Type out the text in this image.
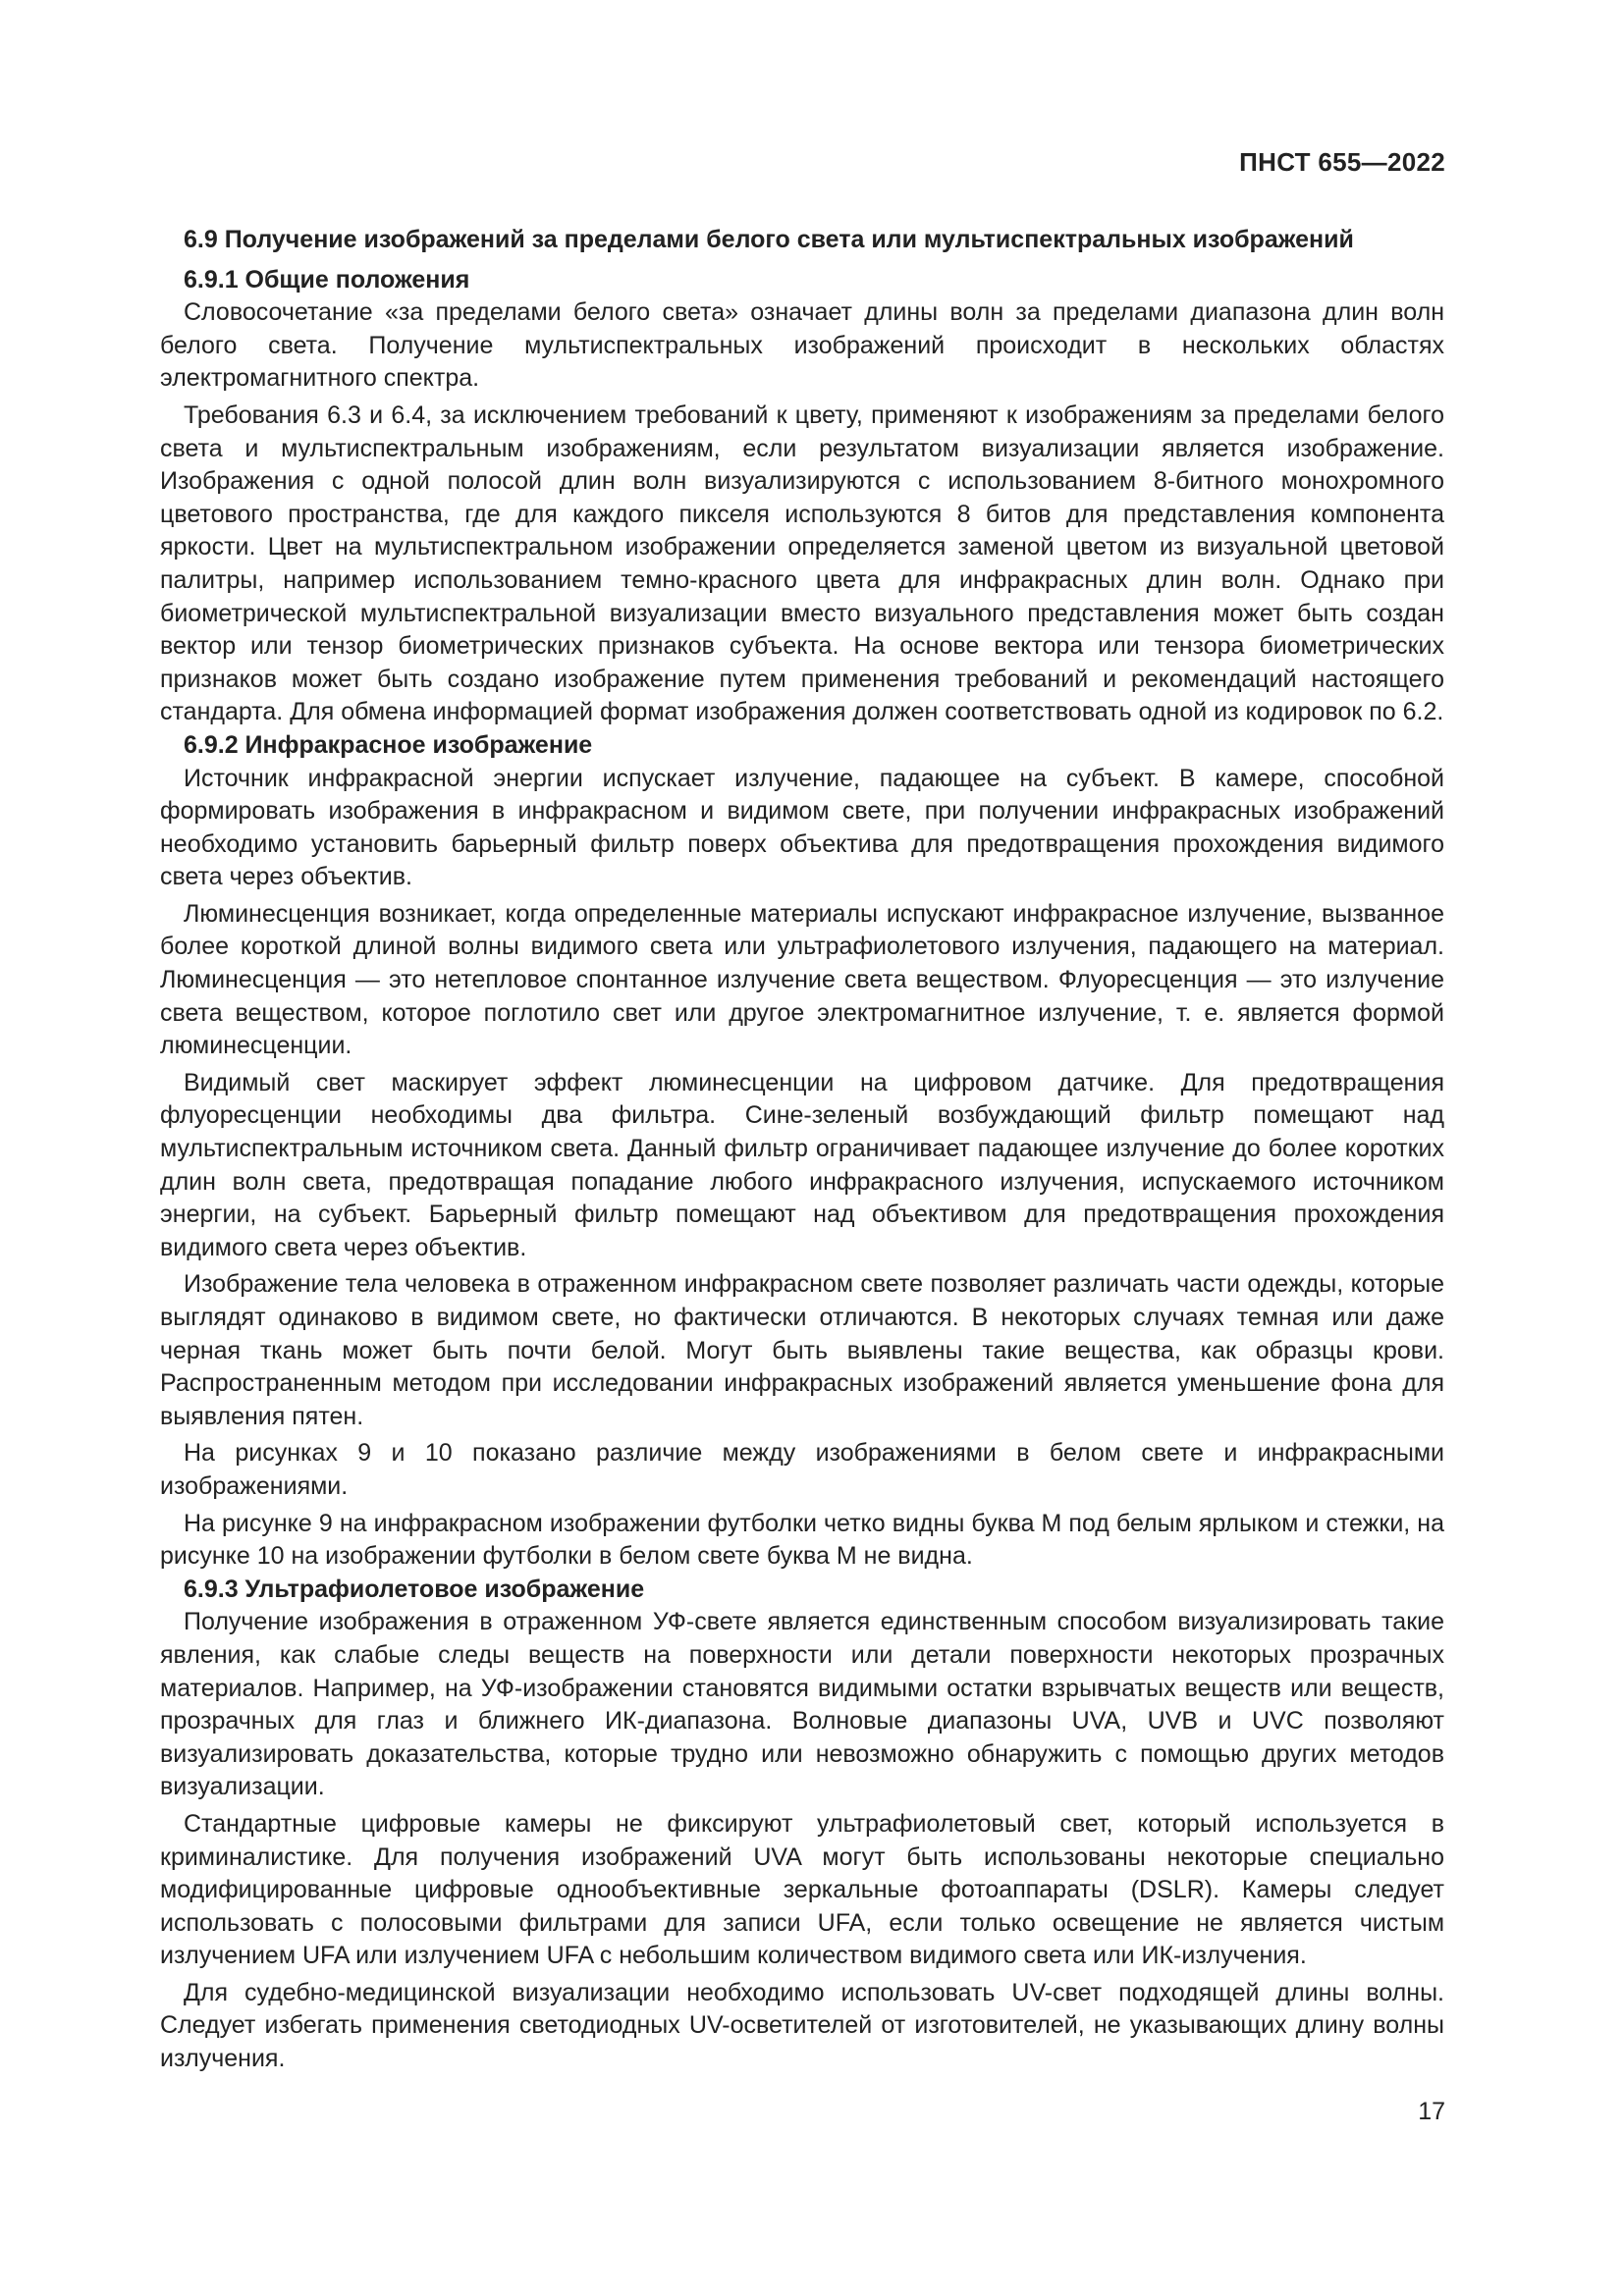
ПНСТ 655—2022
6.9 Получение изображений за пределами белого света или мультиспектральных изображений
6.9.1 Общие положения

Словосочетание «за пределами белого света» означает длины волн за пределами диапазона длин волн белого света. Получение мультиспектральных изображений происходит в нескольких областях электромагнитного спектра.

Требования 6.3 и 6.4, за исключением требований к цвету, применяют к изображениям за пределами белого света и мультиспектральным изображениям, если результатом визуализации является изображение. Изображения с одной полосой длин волн визуализируются с использованием 8-битного монохромного цветового пространства, где для каждого пикселя используются 8 битов для представления компонента яркости. Цвет на мультиспектральном изображении определяется заменой цветом из визуальной цветовой палитры, например использованием темно-красного цвета для инфракрасных длин волн. Однако при биометрической мультиспектральной визуализации вместо визуального представления может быть создан вектор или тензор биометрических признаков субъекта. На основе вектора или тензора биометрических признаков может быть создано изображение путем применения требований и рекомендаций настоящего стандарта. Для обмена информацией формат изображения должен соответствовать одной из кодировок по 6.2.

6.9.2 Инфракрасное изображение

Источник инфракрасной энергии испускает излучение, падающее на субъект. В камере, способной формировать изображения в инфракрасном и видимом свете, при получении инфракрасных изображений необходимо установить барьерный фильтр поверх объектива для предотвращения прохождения видимого света через объектив.

Люминесценция возникает, когда определенные материалы испускают инфракрасное излучение, вызванное более короткой длиной волны видимого света или ультрафиолетового излучения, падающего на материал. Люминесценция — это нетепловое спонтанное излучение света веществом. Флуоресценция — это излучение света веществом, которое поглотило свет или другое электромагнитное излучение, т. е. является формой люминесценции.

Видимый свет маскирует эффект люминесценции на цифровом датчике. Для предотвращения флуоресценции необходимы два фильтра. Сине-зеленый возбуждающий фильтр помещают над мультиспектральным источником света. Данный фильтр ограничивает падающее излучение до более коротких длин волн света, предотвращая попадание любого инфракрасного излучения, испускаемого источником энергии, на субъект. Барьерный фильтр помещают над объективом для предотвращения прохождения видимого света через объектив.

Изображение тела человека в отраженном инфракрасном свете позволяет различать части одежды, которые выглядят одинаково в видимом свете, но фактически отличаются. В некоторых случаях темная или даже черная ткань может быть почти белой. Могут быть выявлены такие вещества, как образцы крови. Распространенным методом при исследовании инфракрасных изображений является уменьшение фона для выявления пятен.

На рисунках 9 и 10 показано различие между изображениями в белом свете и инфракрасными изображениями.

На рисунке 9 на инфракрасном изображении футболки четко видны буква М под белым ярлыком и стежки, на рисунке 10 на изображении футболки в белом свете буква М не видна.

6.9.3 Ультрафиолетовое изображение

Получение изображения в отраженном УФ-свете является единственным способом визуализировать такие явления, как слабые следы веществ на поверхности или детали поверхности некоторых прозрачных материалов. Например, на УФ-изображении становятся видимыми остатки взрывчатых веществ или веществ, прозрачных для глаз и ближнего ИК-диапазона. Волновые диапазоны UVA, UVB и UVC позволяют визуализировать доказательства, которые трудно или невозможно обнаружить с помощью других методов визуализации.

Стандартные цифровые камеры не фиксируют ультрафиолетовый свет, который используется в криминалистике. Для получения изображений UVA могут быть использованы некоторые специально модифицированные цифровые однообъективные зеркальные фотоаппараты (DSLR). Камеры следует использовать с полосовыми фильтрами для записи UFA, если только освещение не является чистым излучением UFA или излучением UFA с небольшим количеством видимого света или ИК-излучения.

Для судебно-медицинской визуализации необходимо использовать UV-свет подходящей длины волны. Следует избегать применения светодиодных UV-осветителей от изготовителей, не указывающих длину волны излучения.

17
